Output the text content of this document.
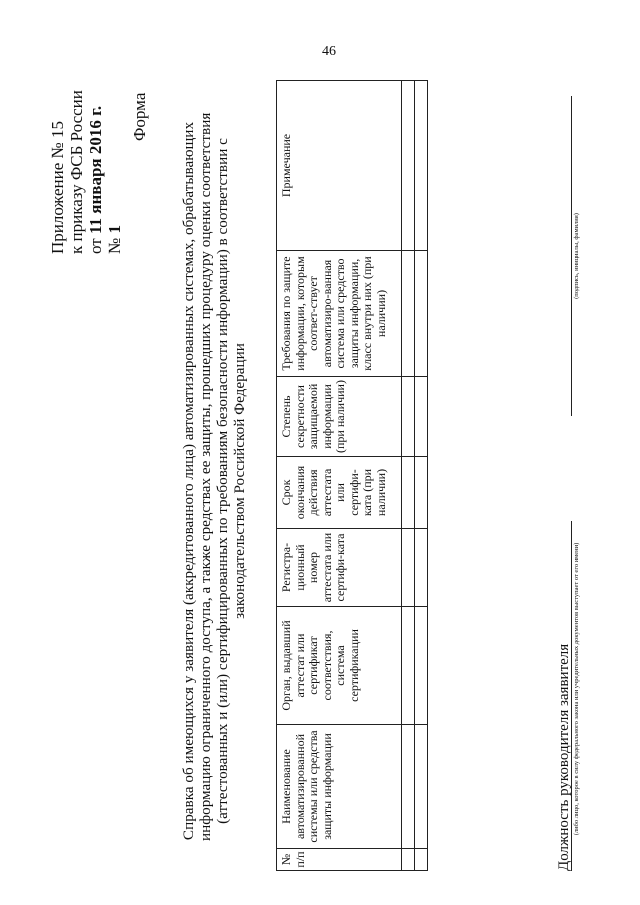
46
Приложение № 15 к приказу ФСБ России от 11 января 2016 г.
№ 1
Форма
Справка об имеющихся у заявителя (аккредитованного лица) автоматизированных системах, обрабатывающих информацию ограниченного доступа, а также средствах ее защиты, прошедших процедуру оценки соответствия (аттестованных и (или) сертифицированных по требованиям безопасности информации) в соответствии с законодательством Российской Федерации
№ п/п	Наименование автоматизированной системы или средства защиты информации	Орган, выдавший аттестат или сертификат соответствия, система сертификации	Регистра-ционный номер аттестата или сертифи-ката	Срок окончания действия аттестата или сертифи-ката (при наличии)	Степень секретности защищаемой информации (при наличии)	Требования по защите информации, которым соответ-ствует автоматизиро-ванная система или средство защиты информации, класс внутри них (при наличии)	Примечание

Должность руководителя заявителя (либо лицо, которое в силу федерального закона или учредительных документов выступает от его имени)
(подпись, инициалы, фамилия)
